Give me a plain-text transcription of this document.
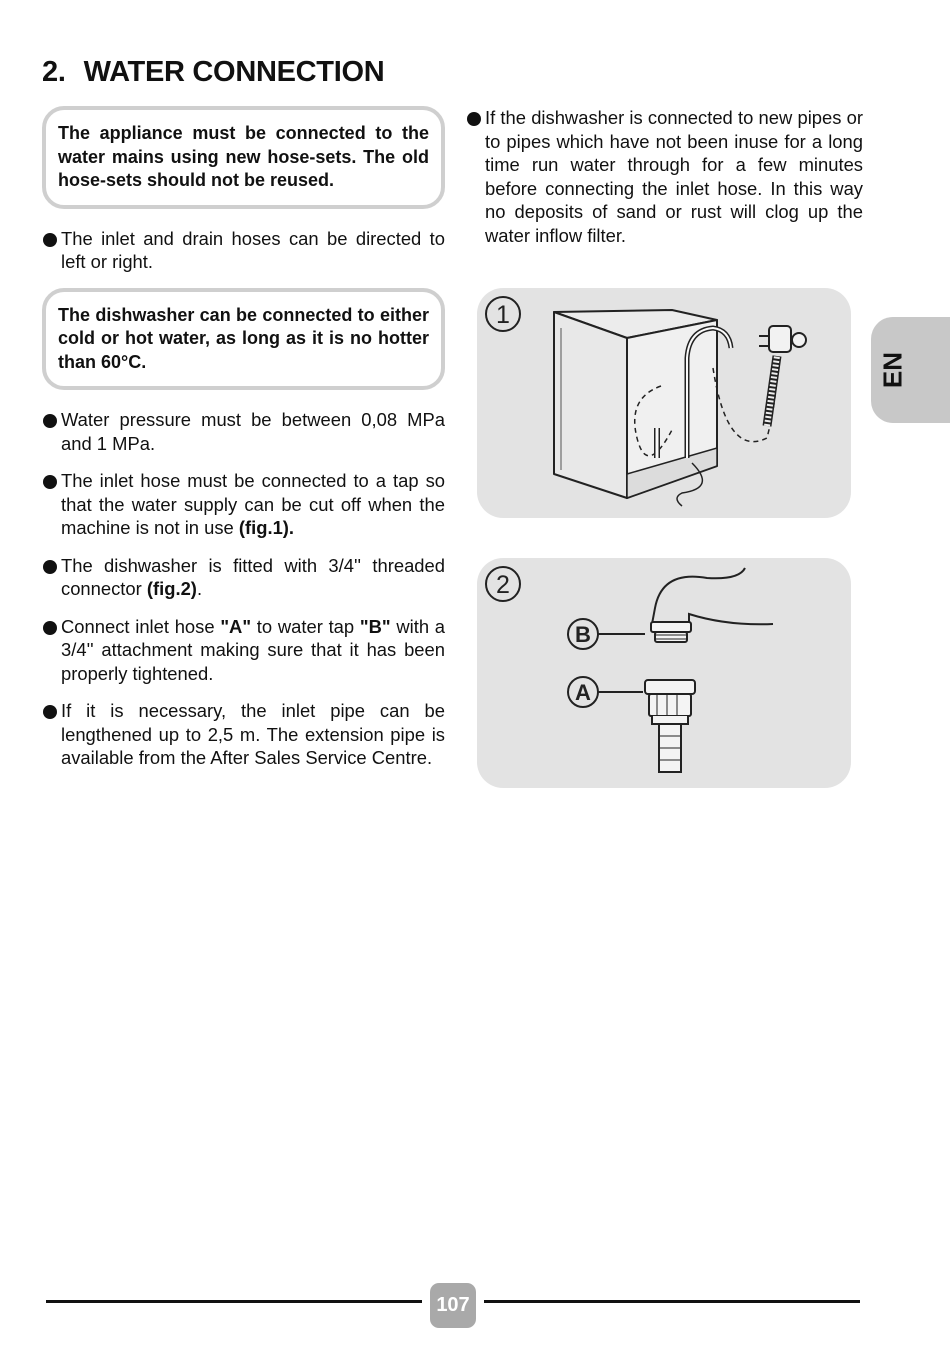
2. WATER CONNECTION
The appliance must be connected to the water mains using new hose-sets. The old hose-sets should not be reused.
The inlet and drain hoses can be directed to left or right.
The dishwasher can be connected to either cold or hot water, as long as it is no hotter than 60°C.
Water pressure must be between 0,08 MPa and 1 MPa.
The inlet hose must be connected to a tap so that the water supply can be cut off when the machine is not in use (fig.1).
The dishwasher is fitted with 3/4'' threaded connector (fig.2).
Connect inlet hose "A" to water tap "B" with a 3/4'' attachment making sure that it has been properly tightened.
If it is necessary, the inlet pipe can be lengthened up to 2,5 m. The extension pipe is available from the After Sales Service Centre.
If the dishwasher is connected to new pipes or to pipes which have not been inuse for a long time run water through for a few minutes before connecting the inlet hose. In this way no deposits of sand or rust will clog up the water inflow filter.
1
2
B
A
EN
107
